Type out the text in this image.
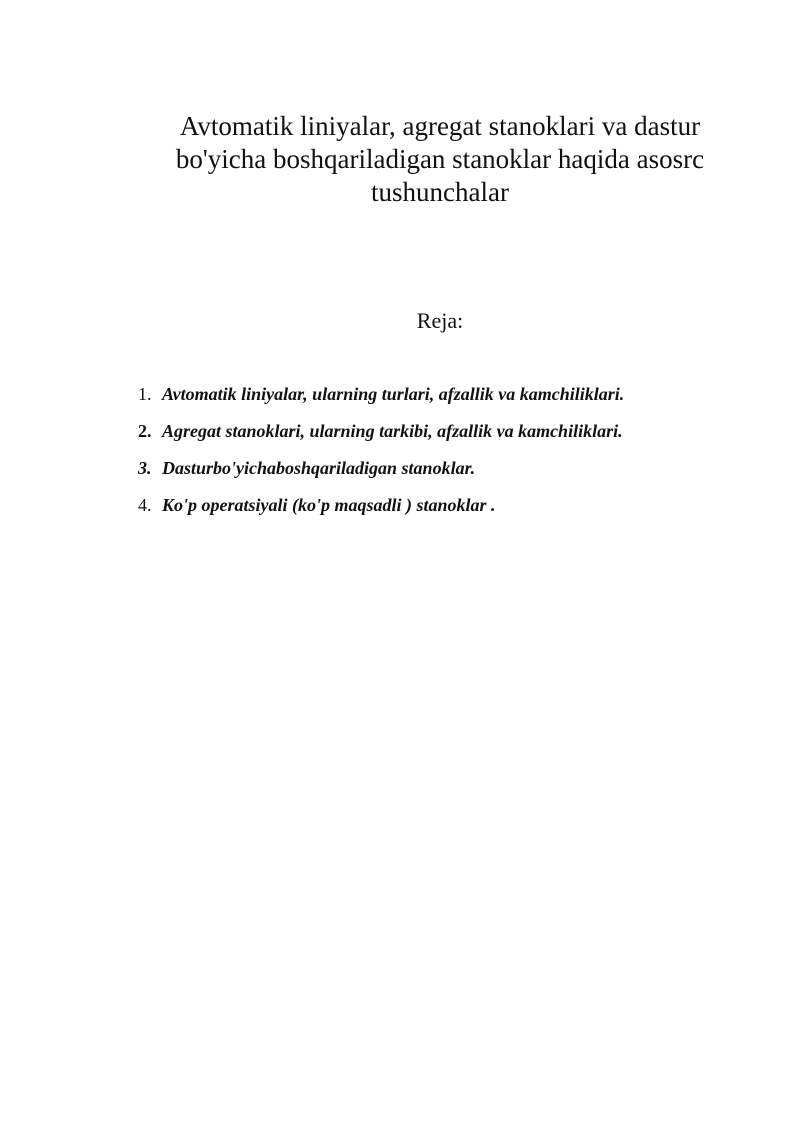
Avtomatik liniyalar, agregat stanoklari va dastur
bo'yicha boshqariladigan stanoklar haqida asosrc
tushunchalar

Reja:

1. Avtomatik liniyalar, ularning turlari, afzallik va kamchiliklari.
2. Agregat stanoklari, ularning tarkibi, afzallik va kamchiliklari.
3. Dasturbo'yichaboshqariladigan stanoklar.
4. Ko'p operatsiyali (ko'p maqsadli ) stanoklar .
